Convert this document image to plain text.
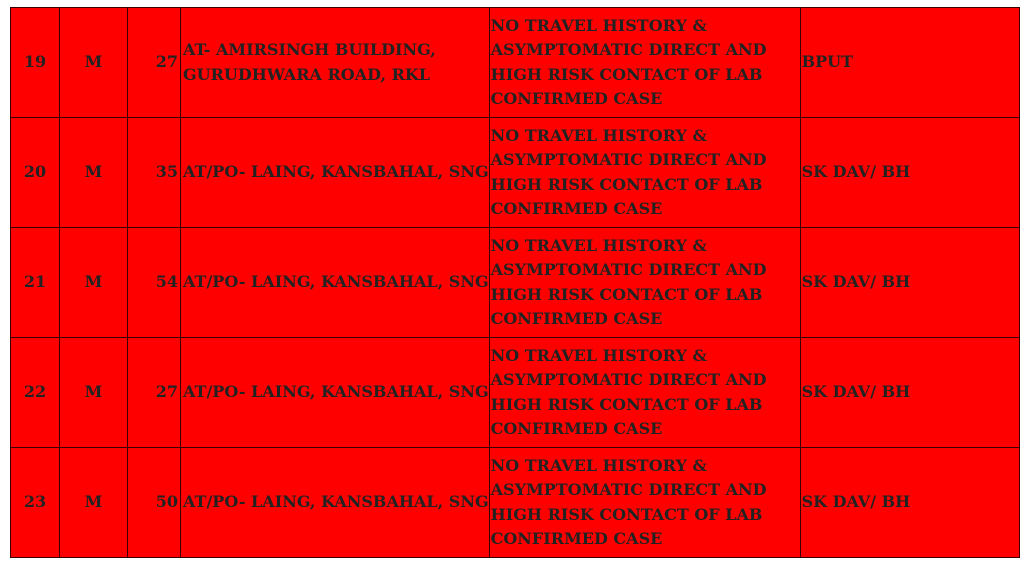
19	M	27	AT- AMIRSINGH BUILDING,
GURUDHWARA ROAD, RKL	NO TRAVEL HISTORY &
ASYMPTOMATIC DIRECT AND
HIGH RISK CONTACT OF LAB
CONFIRMED CASE	BPUT
20	M	35	AT/PO- LAING, KANSBAHAL, SNG	NO TRAVEL HISTORY &
ASYMPTOMATIC DIRECT AND
HIGH RISK CONTACT OF LAB
CONFIRMED CASE	SK DAV/ BH
21	M	54	AT/PO- LAING, KANSBAHAL, SNG	NO TRAVEL HISTORY &
ASYMPTOMATIC DIRECT AND
HIGH RISK CONTACT OF LAB
CONFIRMED CASE	SK DAV/ BH
22	M	27	AT/PO- LAING, KANSBAHAL, SNG	NO TRAVEL HISTORY &
ASYMPTOMATIC DIRECT AND
HIGH RISK CONTACT OF LAB
CONFIRMED CASE	SK DAV/ BH
23	M	50	AT/PO- LAING, KANSBAHAL, SNG	NO TRAVEL HISTORY &
ASYMPTOMATIC DIRECT AND
HIGH RISK CONTACT OF LAB
CONFIRMED CASE	SK DAV/ BH
